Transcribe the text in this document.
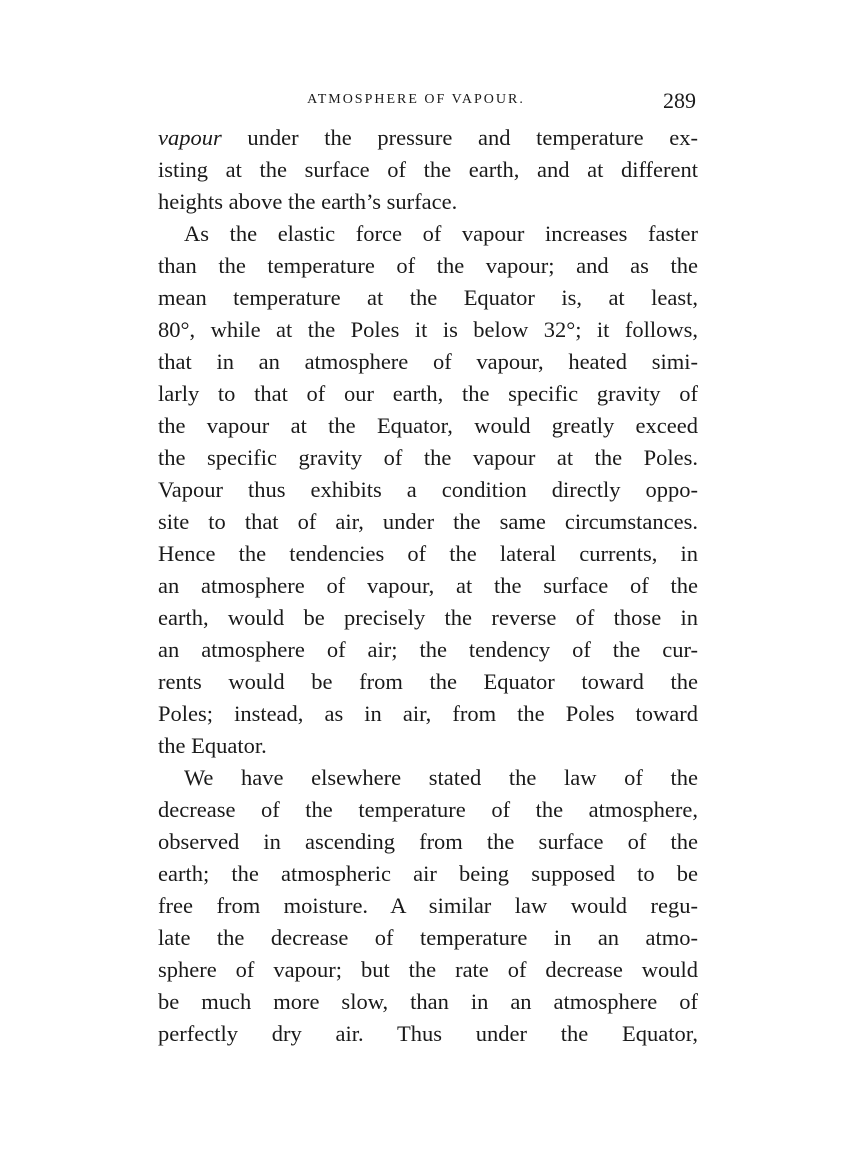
ATMOSPHERE OF VAPOUR.	289
vapour under the pressure and temperature ex-
isting at the surface of the earth, and at different
heights above the earth’s surface.
As the elastic force of vapour increases faster
than the temperature of the vapour; and as the
mean temperature at the Equator is, at least,
80°, while at the Poles it is below 32°; it follows,
that in an atmosphere of vapour, heated simi-
larly to that of our earth, the specific gravity of
the vapour at the Equator, would greatly exceed
the specific gravity of the vapour at the Poles.
Vapour thus exhibits a condition directly oppo-
site to that of air, under the same circumstances.
Hence the tendencies of the lateral currents, in
an atmosphere of vapour, at the surface of the
earth, would be precisely the reverse of those in
an atmosphere of air; the tendency of the cur-
rents would be from the Equator toward the
Poles; instead, as in air, from the Poles toward
the Equator.
We have elsewhere stated the law of the
decrease of the temperature of the atmosphere,
observed in ascending from the surface of the
earth; the atmospheric air being supposed to be
free from moisture. A similar law would regu-
late the decrease of temperature in an atmo-
sphere of vapour; but the rate of decrease would
be much more slow, than in an atmosphere of
perfectly dry air. Thus under the Equator,
